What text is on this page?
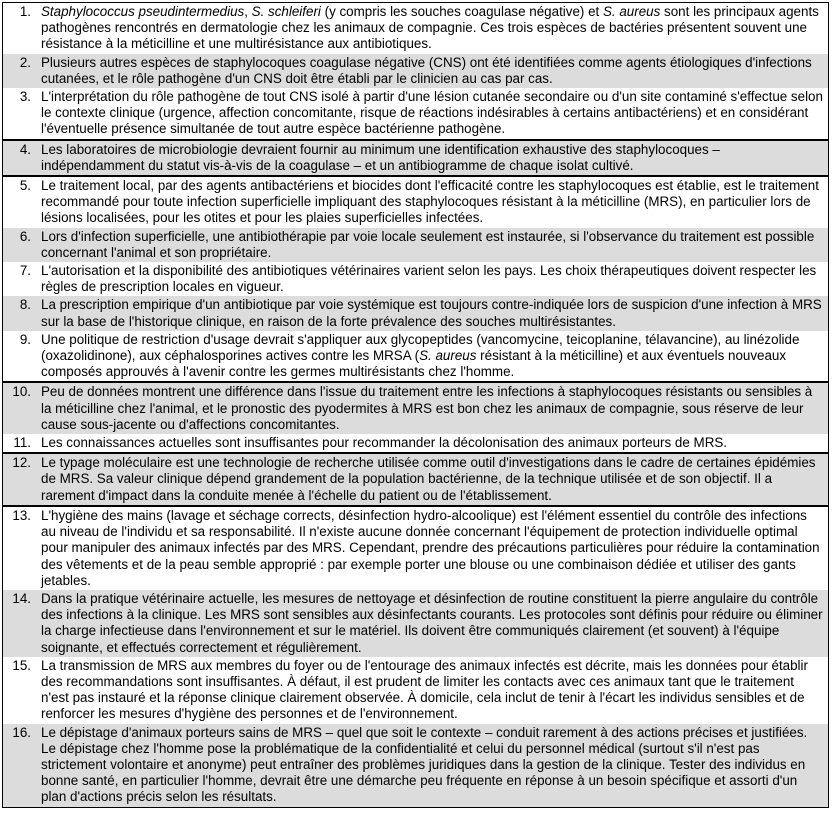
1. Staphylococcus pseudintermedius, S. schleiferi (y compris les souches coagulase négative) et S. aureus sont les principaux agents pathogènes rencontrés en dermatologie chez les animaux de compagnie. Ces trois espèces de bactéries présentent souvent une résistance à la méticilline et une multirésistance aux antibiotiques.
2. Plusieurs autres espèces de staphylocoques coagulase négative (CNS) ont été identifiées comme agents étiologiques d'infections cutanées, et le rôle pathogène d'un CNS doit être établi par le clinicien au cas par cas.
3. L'interprétation du rôle pathogène de tout CNS isolé à partir d'une lésion cutanée secondaire ou d'un site contaminé s'effectue selon le contexte clinique (urgence, affection concomitante, risque de réactions indésirables à certains antibactériens) et en considérant l'éventuelle présence simultanée de tout autre espèce bactérienne pathogène.
4. Les laboratoires de microbiologie devraient fournir au minimum une identification exhaustive des staphylocoques – indépendamment du statut vis-à-vis de la coagulase – et un antibiogramme de chaque isolat cultivé.
5. Le traitement local, par des agents antibactériens et biocides dont l'efficacité contre les staphylocoques est établie, est le traitement recommandé pour toute infection superficielle impliquant des staphylocoques résistant à la méticilline (MRS), en particulier lors de lésions localisées, pour les otites et pour les plaies superficielles infectées.
6. Lors d'infection superficielle, une antibiothérapie par voie locale seulement est instaurée, si l'observance du traitement est possible concernant l'animal et son propriétaire.
7. L'autorisation et la disponibilité des antibiotiques vétérinaires varient selon les pays. Les choix thérapeutiques doivent respecter les règles de prescription locales en vigueur.
8. La prescription empirique d'un antibiotique par voie systémique est toujours contre-indiquée lors de suspicion d'une infection à MRS sur la base de l'historique clinique, en raison de la forte prévalence des souches multirésistantes.
9. Une politique de restriction d'usage devrait s'appliquer aux glycopeptides (vancomycine, teicoplanine, télavancine), au linézolide (oxazolidinone), aux céphalosporines actives contre les MRSA (S. aureus résistant à la méticilline) et aux éventuels nouveaux composés approuvés à l'avenir contre les germes multirésistants chez l'homme.
10. Peu de données montrent une différence dans l'issue du traitement entre les infections à staphylocoques résistants ou sensibles à la méticilline chez l'animal, et le pronostic des pyodermites à MRS est bon chez les animaux de compagnie, sous réserve de leur cause sous-jacente ou d'affections concomitantes.
11. Les connaissances actuelles sont insuffisantes pour recommander la décolonisation des animaux porteurs de MRS.
12. Le typage moléculaire est une technologie de recherche utilisée comme outil d'investigations dans le cadre de certaines épidémies de MRS. Sa valeur clinique dépend grandement de la population bactérienne, de la technique utilisée et de son objectif. Il a rarement d'impact dans la conduite menée à l'échelle du patient ou de l'établissement.
13. L'hygiène des mains (lavage et séchage corrects, désinfection hydro-alcoolique) est l'élément essentiel du contrôle des infections au niveau de l'individu et sa responsabilité. Il n'existe aucune donnée concernant l'équipement de protection individuelle optimal pour manipuler des animaux infectés par des MRS. Cependant, prendre des précautions particulières pour réduire la contamination des vêtements et de la peau semble approprié : par exemple porter une blouse ou une combinaison dédiée et utiliser des gants jetables.
14. Dans la pratique vétérinaire actuelle, les mesures de nettoyage et désinfection de routine constituent la pierre angulaire du contrôle des infections à la clinique. Les MRS sont sensibles aux désinfectants courants. Les protocoles sont définis pour réduire ou éliminer la charge infectieuse dans l'environnement et sur le matériel. Ils doivent être communiqués clairement (et souvent) à l'équipe soignante, et effectués correctement et régulièrement.
15. La transmission de MRS aux membres du foyer ou de l'entourage des animaux infectés est décrite, mais les données pour établir des recommandations sont insuffisantes. À défaut, il est prudent de limiter les contacts avec ces animaux tant que le traitement n'est pas instauré et la réponse clinique clairement observée. À domicile, cela inclut de tenir à l'écart les individus sensibles et de renforcer les mesures d'hygiène des personnes et de l'environnement.
16. Le dépistage d'animaux porteurs sains de MRS – quel que soit le contexte – conduit rarement à des actions précises et justifiées. Le dépistage chez l'homme pose la problématique de la confidentialité et celui du personnel médical (surtout s'il n'est pas strictement volontaire et anonyme) peut entraîner des problèmes juridiques dans la gestion de la clinique. Tester des individus en bonne santé, en particulier l'homme, devrait être une démarche peu fréquente en réponse à un besoin spécifique et assorti d'un plan d'actions précis selon les résultats.
